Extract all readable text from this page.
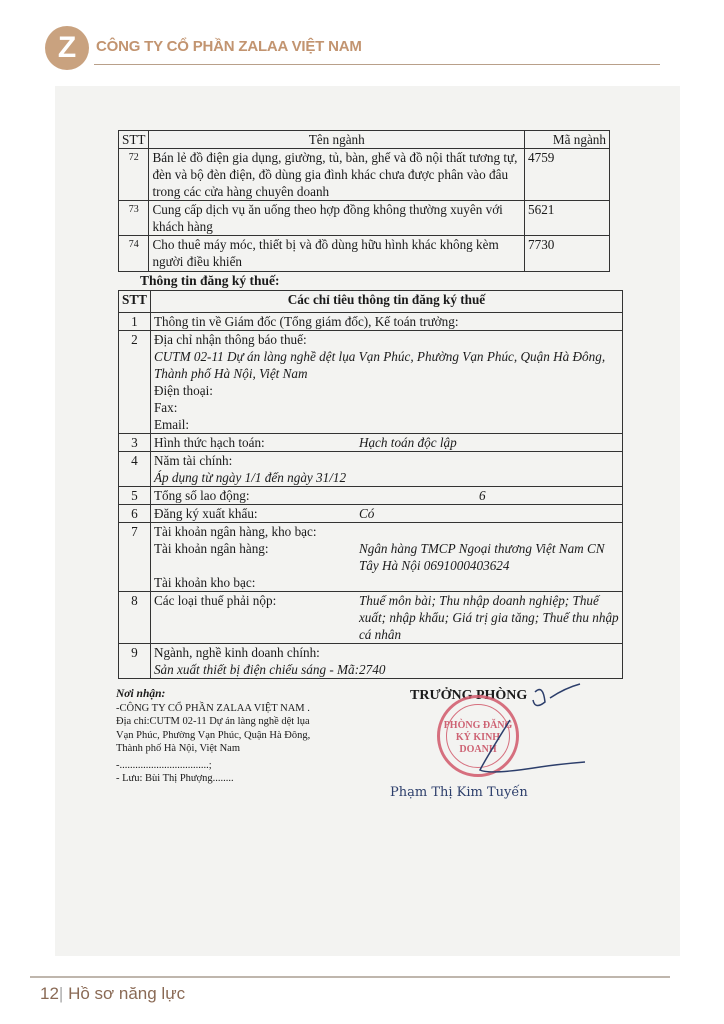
Z CÔNG TY CỔ PHẦN ZALAA VIỆT NAM
STT	Tên ngành	Mã ngành
72	Bán lẻ đồ điện gia dụng, giường, tủ, bàn, ghế và đồ nội thất tương tự, đèn và bộ đèn điện, đồ dùng gia đình khác chưa được phân vào đâu trong các cửa hàng chuyên doanh	4759
73	Cung cấp dịch vụ ăn uống theo hợp đồng không thường xuyên với khách hàng	5621
74	Cho thuê máy móc, thiết bị và đồ dùng hữu hình khác không kèm người điều khiển	7730
Thông tin đăng ký thuế:
STT	Các chỉ tiêu thông tin đăng ký thuế
1	Thông tin về Giám đốc (Tổng giám đốc), Kế toán trưởng:
2	Địa chỉ nhận thông báo thuế:
CUTM 02-11 Dự án làng nghề dệt lụa Vạn Phúc, Phường Vạn Phúc, Quận Hà Đông, Thành phố Hà Nội, Việt Nam
Điện thoại:
Fax:
Email:

3	Hình thức hạch toán: Hạch toán độc lập
4	Năm tài chính:
Áp dụng từ ngày 1/1 đến ngày 31/12

5	Tổng số lao động: 6
6	Đăng ký xuất khẩu: Có
7	Tài khoản ngân hàng, kho bạc:
Tài khoản ngân hàng: Ngân hàng TMCP Ngoại thương Việt Nam CN Tây Hà Nội 0691000403624
Tài khoản kho bạc:

8	Các loại thuế phải nộp: Thuế môn bài; Thu nhập doanh nghiệp; Thuế xuất; nhập khẩu; Giá trị gia tăng; Thuế thu nhập cá nhân

9	Ngành, nghề kinh doanh chính:
Sản xuất thiết bị điện chiếu sáng - Mã:2740
Nơi nhận:
-CÔNG TY CỔ PHẦN ZALAA VIỆT NAM . Địa chỉ:CUTM 02-11 Dự án làng nghề dệt lụa Vạn Phúc, Phường Vạn Phúc, Quận Hà Đông, Thành phố Hà Nội, Việt Nam
-..................................;
- Lưu: Bùi Thị Phượng........
TRƯỞNG PHÒNG
PHÒNG ĐĂNG KÝ KINH DOANH
Phạm Thị Kim Tuyến
12| Hồ sơ năng lực
